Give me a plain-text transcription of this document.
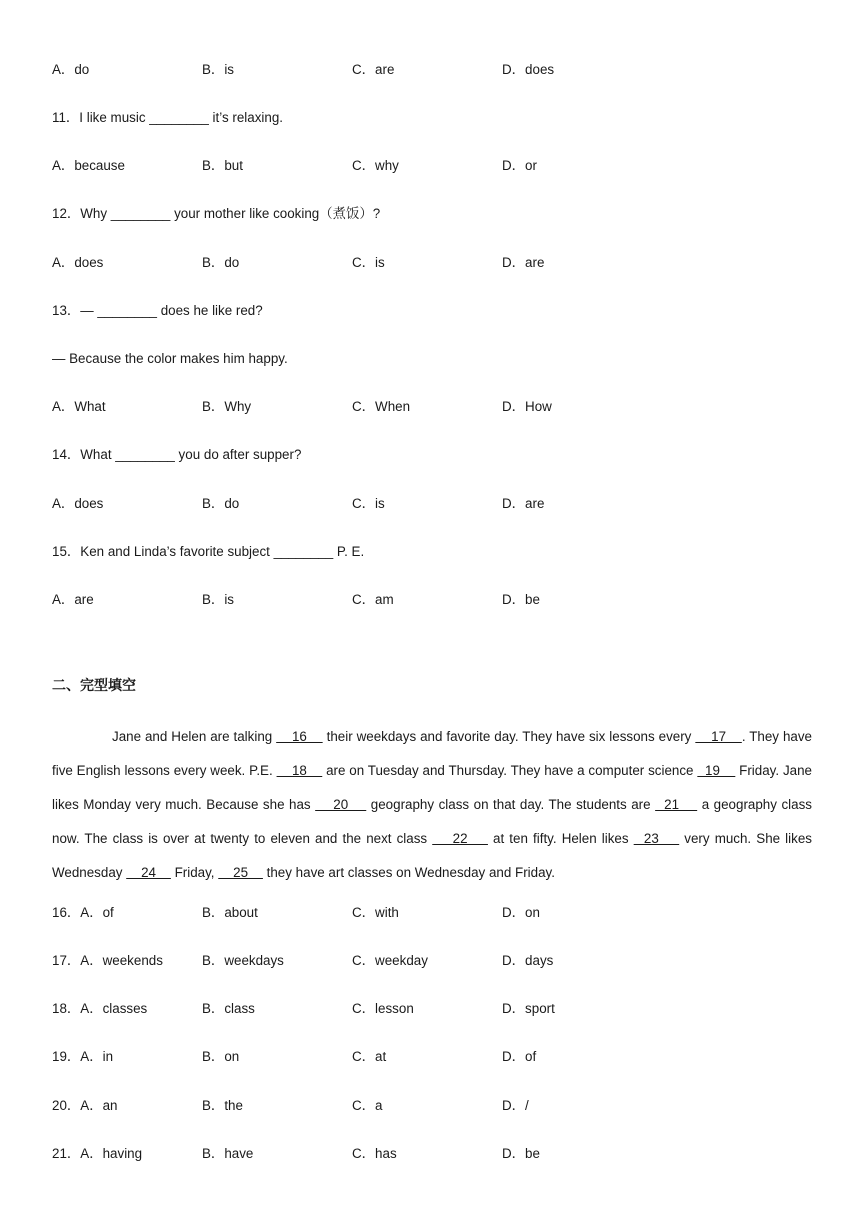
A．do	B．is	C．are	D．does
11．I like music ________ it’s relaxing.
A．because	B．but	C．why	D．or
12．Why ________ your mother like cooking（煮饭）?
A．does	B．do	C．is	D．are
13．— ________ does he like red?
— Because the color makes him happy.
A．What	B．Why	C．When	D．How
14．What ________ you do after supper?
A．does	B．do	C．is	D．are
15．Ken and Linda’s favorite subject ________ P. E.
A．are	B．is	C．am	D．be
二、完型填空
Jane and Helen are talking     16     their weekdays and favorite day. They have six lessons every     17    . They have five English lessons every week. P.E.     18     are on Tuesday and Thursday. They have a computer science   19     Friday. Jane likes Monday very much. Because she has     20     geography class on that day. The students are   21     a geography class now. The class is over at twenty to eleven and the next class     22     at ten fifty. Helen likes   23     very much. She likes Wednesday     24     Friday,     25     they have art classes on Wednesday and Friday.
16．A．of	B．about	C．with	D．on
17．A．weekends	B．weekdays	C．weekday	D．days
18．A．classes	B．class	C．lesson	D．sport
19．A．in	B．on	C．at	D．of
20．A．an	B．the	C．a	D．/
21．A．having	B．have	C．has	D．be
